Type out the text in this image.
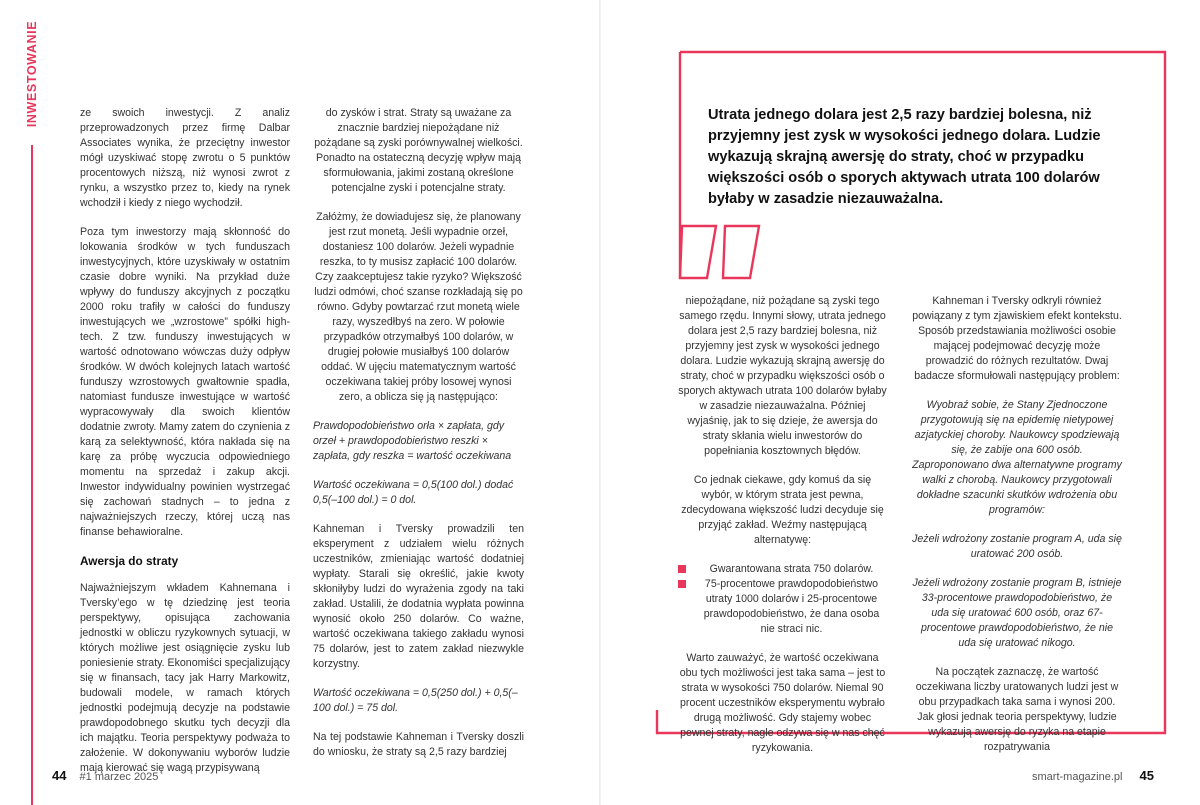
INWESTOWANIE	ze swoich inwestycji. Z analiz przeprowadzonych przez firmę Dalbar Associates wynika, że przeciętny inwestor mógł uzyskiwać stopę zwrotu o 5 punktów procentowych niższą, niż wynosi zwrot z rynku, a wszystko przez to, kiedy na rynek wchodził i kiedy z niego wychodził.

Poza tym inwestorzy mają skłonność do lokowania środków w tych funduszach inwestycyjnych, które uzyskiwały w ostatnim czasie dobre wyniki. Na przykład duże wpływy do funduszy akcyjnych z początku 2000 roku trafiły w całości do funduszy inwestujących we „wzrostowe” spółki high-tech. Z tzw. funduszy inwestujących w wartość odnotowano wówczas duży odpływ środków. W dwóch kolejnych latach wartość funduszy wzrostowych gwałtownie spadła, natomiast fundusze inwestujące w wartość wypracowywały dla swoich klientów dodatnie zwroty. Mamy zatem do czynienia z karą za selektywność, która nakłada się na karę za próbę wyczucia odpowiedniego momentu na sprzedaż i zakup akcji. Inwestor indywidualny powinien wystrzegać się zachowań stadnych – to jedna z najważniejszych rzeczy, której uczą nas finanse behawioralne.

Awersja do straty

Najważniejszym wkładem Kahnemana i Tversky’ego w tę dziedzinę jest teoria perspektywy, opisująca zachowania jednostki w obliczu ryzykownych sytuacji, w których możliwe jest osiągnięcie zysku lub poniesienie straty. Ekonomiści specjalizujący się w finansach, tacy jak Harry Markowitz, budowali modele, w ramach których jednostki podejmują decyzje na podstawie prawdopodobnego skutku tych decyzji dla ich majątku. Teoria perspektywy podważa to założenie. W dokonywaniu wyborów ludzie mają kierować się wagą przypisywaną

do zysków i strat. Straty są uważane za znacznie bardziej niepożądane niż pożądane są zyski porównywalnej wielkości. Ponadto na ostateczną decyzję wpływ mają sformułowania, jakimi zostaną określone potencjalne zyski i potencjalne straty.

Załóżmy, że dowiadujesz się, że planowany jest rzut monetą. Jeśli wypadnie orzeł, dostaniesz 100 dolarów. Jeżeli wypadnie reszka, to ty musisz zapłacić 100 dolarów. Czy zaakceptujesz takie ryzyko? Większość ludzi odmówi, choć szanse rozkładają się po równo. Gdyby powtarzać rzut monetą wiele razy, wyszedłbyś na zero. W połowie przypadków otrzymałbyś 100 dolarów, w drugiej połowie musiałbyś 100 dolarów oddać. W ujęciu matematycznym wartość oczekiwana takiej próby losowej wynosi zero, a oblicza się ją następująco:

Prawdopodobieństwo orła × zapłata, gdy orzeł + prawdopodobieństwo reszki × zapłata, gdy reszka = wartość oczekiwana

Wartość oczekiwana = 0,5(100 dol.) dodać 0,5(–100 dol.) = 0 dol.

Kahneman i Tversky prowadzili ten eksperyment z udziałem wielu różnych uczestników, zmieniając wartość dodatniej wypłaty. Starali się określić, jakie kwoty skłoniłyby ludzi do wyrażenia zgody na taki zakład. Ustalili, że dodatnia wypłata powinna wynosić około 250 dolarów. Co ważne, wartość oczekiwana takiego zakładu wynosi 75 dolarów, jest to zatem zakład niezwykle korzystny.

Wartość oczekiwana = 0,5(250 dol.) + 0,5(–100 dol.) = 75 dol.

Na tej podstawie Kahneman i Tversky doszli do wniosku, że straty są 2,5 razy bardziej

Utrata jednego dolara jest 2,5 razy bardziej bolesna, niż przyjemny jest zysk w wysokości jednego dolara. Ludzie wykazują skrajną awersję do straty, choć w przypadku większości osób o sporych aktywach utrata 100 dolarów byłaby w zasadzie niezauważalna.

niepożądane, niż pożądane są zyski tego samego rzędu. Innymi słowy, utrata jednego dolara jest 2,5 razy bardziej bolesna, niż przyjemny jest zysk w wysokości jednego dolara. Ludzie wykazują skrajną awersję do straty, choć w przypadku większości osób o sporych aktywach utrata 100 dolarów byłaby w zasadzie niezauważalna. Później wyjaśnię, jak to się dzieje, że awersja do straty skłania wielu inwestorów do popełniania kosztownych błędów.

Co jednak ciekawe, gdy komuś da się wybór, w którym strata jest pewna, zdecydowana większość ludzi decyduje się przyjąć zakład. Weźmy następującą alternatywę:

Gwarantowana strata 750 dolarów.
75-procentowe prawdopodobieństwo utraty 1000 dolarów i 25-procentowe prawdopodobieństwo, że dana osoba nie straci nic.

Warto zauważyć, że wartość oczekiwana obu tych możliwości jest taka sama – jest to strata w wysokości 750 dolarów. Niemal 90 procent uczestników eksperymentu wybrało drugą możliwość. Gdy stajemy wobec pewnej straty, nagle odzywa się w nas chęć ryzykowania.

Kahneman i Tversky odkryli również powiązany z tym zjawiskiem efekt kontekstu. Sposób przedstawiania możliwości osobie mającej podejmować decyzję może prowadzić do różnych rezultatów. Dwaj badacze sformułowali następujący problem:

Wyobraź sobie, że Stany Zjednoczone przygotowują się na epidemię nietypowej azjatyckiej choroby. Naukowcy spodziewają się, że zabije ona 600 osób. Zaproponowano dwa alternatywne programy walki z chorobą. Naukowcy przygotowali dokładne szacunki skutków wdrożenia obu programów:

Jeżeli wdrożony zostanie program A, uda się uratować 200 osób.

Jeżeli wdrożony zostanie program B, istnieje 33-procentowe prawdopodobieństwo, że uda się uratować 600 osób, oraz 67-procentowe prawdopodobieństwo, że nie uda się uratować nikogo.

Na początek zaznaczę, że wartość oczekiwana liczby uratowanych ludzi jest w obu przypadkach taka sama i wynosi 200. Jak głosi jednak teoria perspektywy, ludzie wykazują awersję do ryzyka na etapie rozpatrywania

44 #1 marzec 2025	smart-magazine.pl 45
